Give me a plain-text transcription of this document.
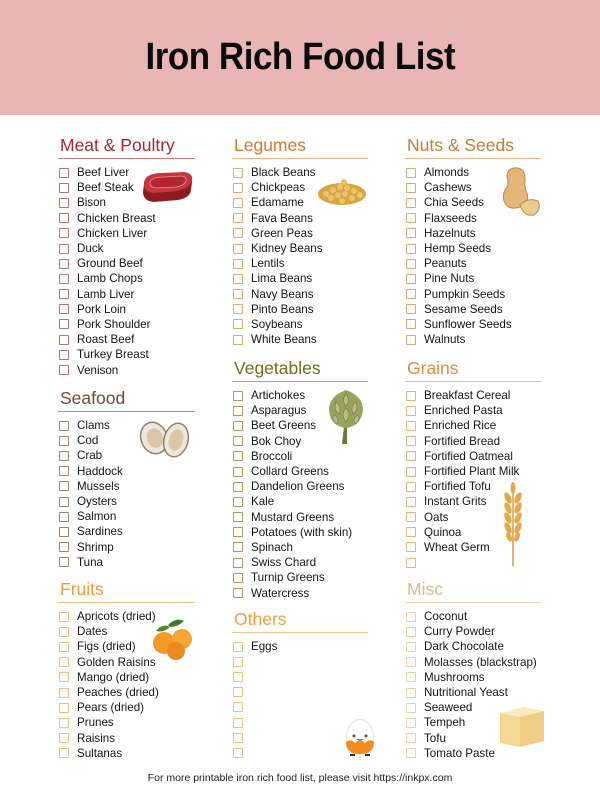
Iron Rich Food List
Meat & Poultry
Beef Liver
Beef Steak
Bison
Chicken Breast
Chicken Liver
Duck
Ground Beef
Lamb Chops
Lamb Liver
Pork Loin
Pork Shoulder
Roast Beef
Turkey Breast
Venison
Seafood
Clams
Cod
Crab
Haddock
Mussels
Oysters
Salmon
Sardines
Shrimp
Tuna
Fruits
Apricots (dried)
Dates
Figs (dried)
Golden Raisins
Mango (dried)
Peaches (dried)
Pears (dried)
Prunes
Raisins
Sultanas
Legumes
Black Beans
Chickpeas
Edamame
Fava Beans
Green Peas
Kidney Beans
Lentils
Lima Beans
Navy Beans
Pinto Beans
Soybeans
White Beans
Vegetables
Artichokes
Asparagus
Beet Greens
Bok Choy
Broccoli
Collard Greens
Dandelion Greens
Kale
Mustard Greens
Potatoes (with skin)
Spinach
Swiss Chard
Turnip Greens
Watercress
Others
Eggs
Nuts & Seeds
Almonds
Cashews
Chia Seeds
Flaxseeds
Hazelnuts
Hemp Seeds
Peanuts
Pine Nuts
Pumpkin Seeds
Sesame Seeds
Sunflower Seeds
Walnuts
Grains
Breakfast Cereal
Enriched Pasta
Enriched Rice
Fortified Bread
Fortified Oatmeal
Fortified Plant Milk
Fortified Tofu
Instant Grits
Oats
Quinoa
Wheat Germ
Misc
Coconut
Curry Powder
Dark Chocolate
Molasses (blackstrap)
Mushrooms
Nutritional Yeast
Seaweed
Tempeh
Tofu
Tomato Paste
For more printable iron rich food list, please visit https://inkpx.com
